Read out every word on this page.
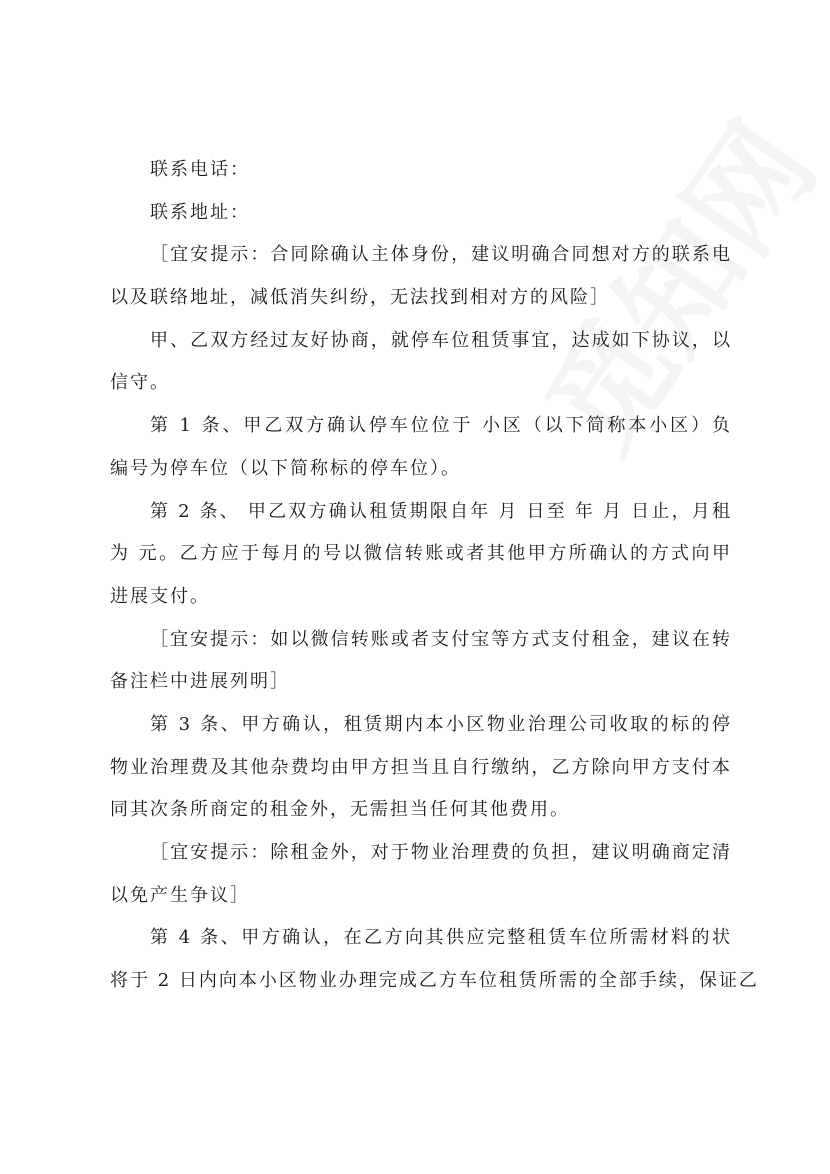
联系电话：
联系地址：
［宜安提示：合同除确认主体身份，建议明确合同想对方的联系电
以及联络地址，减低消失纠纷，无法找到相对方的风险］
甲、乙双方经过友好协商，就停车位租赁事宜，达成如下协议，以
信守。
第 1 条、甲乙双方确认停车位位于 小区（以下简称本小区）负
编号为停车位（以下简称标的停车位）。
第 2 条、 甲乙双方确认租赁期限自年 月 日至 年 月 日止，月租
为 元。乙方应于每月的号以微信转账或者其他甲方所确认的方式向甲
进展支付。
［宜安提示：如以微信转账或者支付宝等方式支付租金，建议在转
备注栏中进展列明］
第 3 条、甲方确认，租赁期内本小区物业治理公司收取的标的停
物业治理费及其他杂费均由甲方担当且自行缴纳，乙方除向甲方支付本
同其次条所商定的租金外，无需担当任何其他费用。
［宜安提示：除租金外，对于物业治理费的负担，建议明确商定清
以免产生争议］
第 4 条、甲方确认，在乙方向其供应完整租赁车位所需材料的状
将于 2 日内向本小区物业办理完成乙方车位租赁所需的全部手续，保证乙
